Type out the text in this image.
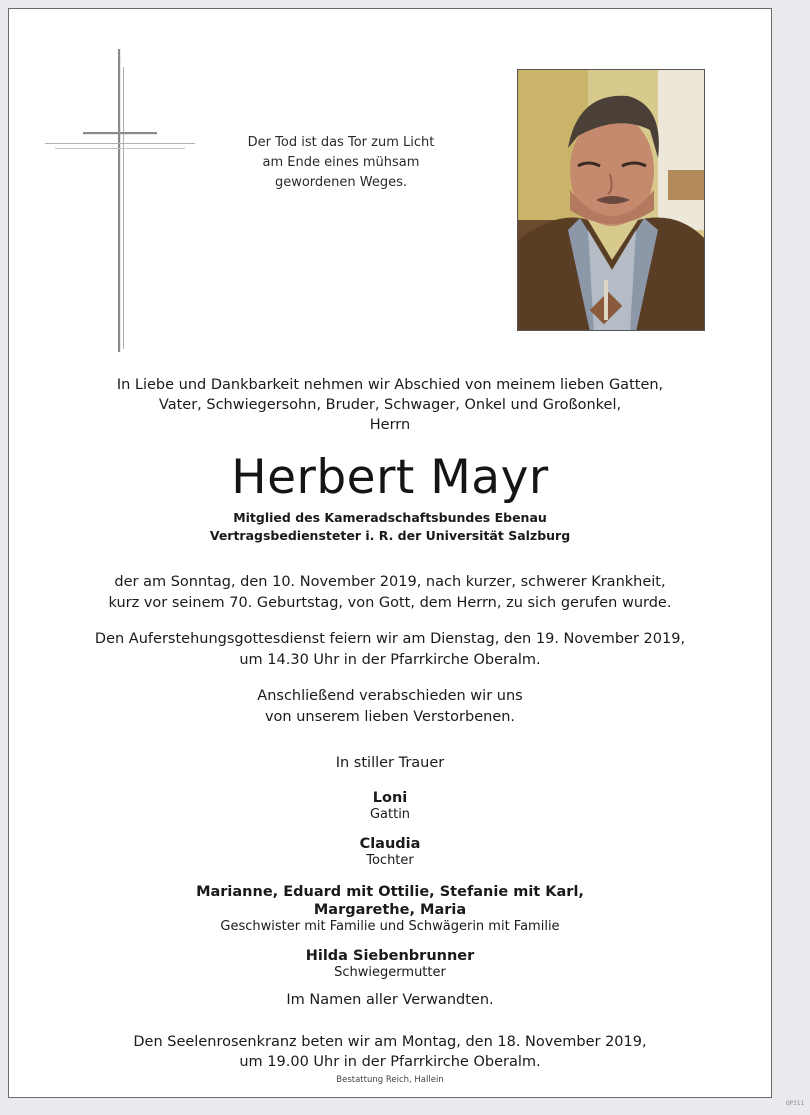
Der Tod ist das Tor zum Licht
am Ende eines mühsam
gewordenen Weges.
In Liebe und Dankbarkeit nehmen wir Abschied von meinem lieben Gatten,
Vater, Schwiegersohn, Bruder, Schwager, Onkel und Großonkel,
Herrn
Herbert Mayr
Mitglied des Kameradschaftsbundes Ebenau
Vertragsbediensteter i. R. der Universität Salzburg
der am Sonntag, den 10. November 2019, nach kurzer, schwerer Krankheit,
kurz vor seinem 70. Geburtstag, von Gott, dem Herrn, zu sich gerufen wurde.
Den Auferstehungsgottesdienst feiern wir am Dienstag, den 19. November 2019,
um 14.30 Uhr in der Pfarrkirche Oberalm.
Anschließend verabschieden wir uns
von unserem lieben Verstorbenen.
In stiller Trauer
Loni
Gattin
Claudia
Tochter
Marianne, Eduard mit Ottilie, Stefanie mit Karl,
Margarethe, Maria
Geschwister mit Familie und Schwägerin mit Familie
Hilda Siebenbrunner
Schwiegermutter
Im Namen aller Verwandten.
Den Seelenrosenkranz beten wir am Montag, den 18. November 2019,
um 19.00 Uhr in der Pfarrkirche Oberalm.
Bestattung Reich, Hallein
OP311
